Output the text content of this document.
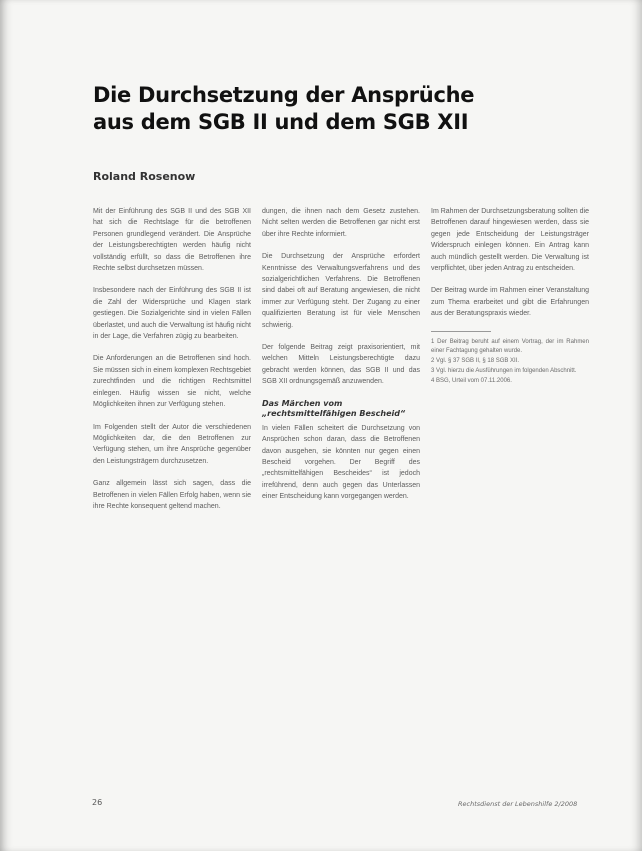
Die Durchsetzung der Ansprüche
aus dem SGB II und dem SGB XII
Roland Rosenow

Mit der Einführung des SGB II und des SGB XII hat sich die Rechtslage für die betroffenen Personen grundlegend verändert. Die Ansprüche der Leistungsberechtigten werden häufig nicht vollständig erfüllt, so dass die Betroffenen ihre Rechte selbst durchsetzen müssen.

Insbesondere nach der Einführung des SGB II ist die Zahl der Widersprüche und Klagen stark gestiegen. Die Sozialgerichte sind in vielen Fällen überlastet, und auch die Verwaltung ist häufig nicht in der Lage, die Verfahren zügig zu bearbeiten.

Die Anforderungen an die Betroffenen sind hoch. Sie müssen sich in einem komplexen Rechtsgebiet zurechtfinden und die richtigen Rechtsmittel einlegen. Häufig wissen sie nicht, welche Möglichkeiten ihnen zur Verfügung stehen.

Im Folgenden stellt der Autor die verschiedenen Möglichkeiten dar, die den Betroffenen zur Verfügung stehen, um ihre Ansprüche gegenüber den Leistungsträgern durchzusetzen.

Ganz allgemein lässt sich sagen, dass die Betroffenen in vielen Fällen Erfolg haben, wenn sie ihre Rechte konsequent geltend machen.

dungen, die ihnen nach dem Gesetz zustehen. Nicht selten werden die Betroffenen gar nicht erst über ihre Rechte informiert.

Die Durchsetzung der Ansprüche erfordert Kenntnisse des Verwaltungsverfahrens und des sozialgerichtlichen Verfahrens. Die Betroffenen sind dabei oft auf Beratung angewiesen, die nicht immer zur Verfügung steht. Der Zugang zu einer qualifizierten Beratung ist für viele Menschen schwierig.

Der folgende Beitrag zeigt praxisorientiert, mit welchen Mitteln Leistungsberechtigte dazu gebracht werden können, das SGB II und das SGB XII ordnungsgemäß anzuwenden.

Das Märchen vom
„rechtsmittelfähigen Bescheid“

In vielen Fällen scheitert die Durchsetzung von Ansprüchen schon daran, dass die Betroffenen davon ausgehen, sie könnten nur gegen einen Bescheid vorgehen. Der Begriff des „rechtsmittelfähigen Bescheides“ ist jedoch irreführend, denn auch gegen das Unterlassen einer Entscheidung kann vorgegangen werden.

Im Rahmen der Durchsetzungsberatung sollten die Betroffenen darauf hingewiesen werden, dass sie gegen jede Entscheidung der Leistungsträger Widerspruch einlegen können. Ein Antrag kann auch mündlich gestellt werden. Die Verwaltung ist verpflichtet, über jeden Antrag zu entscheiden.

Der Beitrag wurde im Rahmen einer Veranstaltung zum Thema erarbeitet und gibt die Erfahrungen aus der Beratungspraxis wieder.

1 Der Beitrag beruht auf einem Vortrag, der im Rahmen einer Fachtagung gehalten wurde.

2 Vgl. § 37 SGB II, § 18 SGB XII.

3 Vgl. hierzu die Ausführungen im folgenden Abschnitt.

4 BSG, Urteil vom 07.11.2006.

26	Rechtsdienst der Lebenshilfe 2/2008
